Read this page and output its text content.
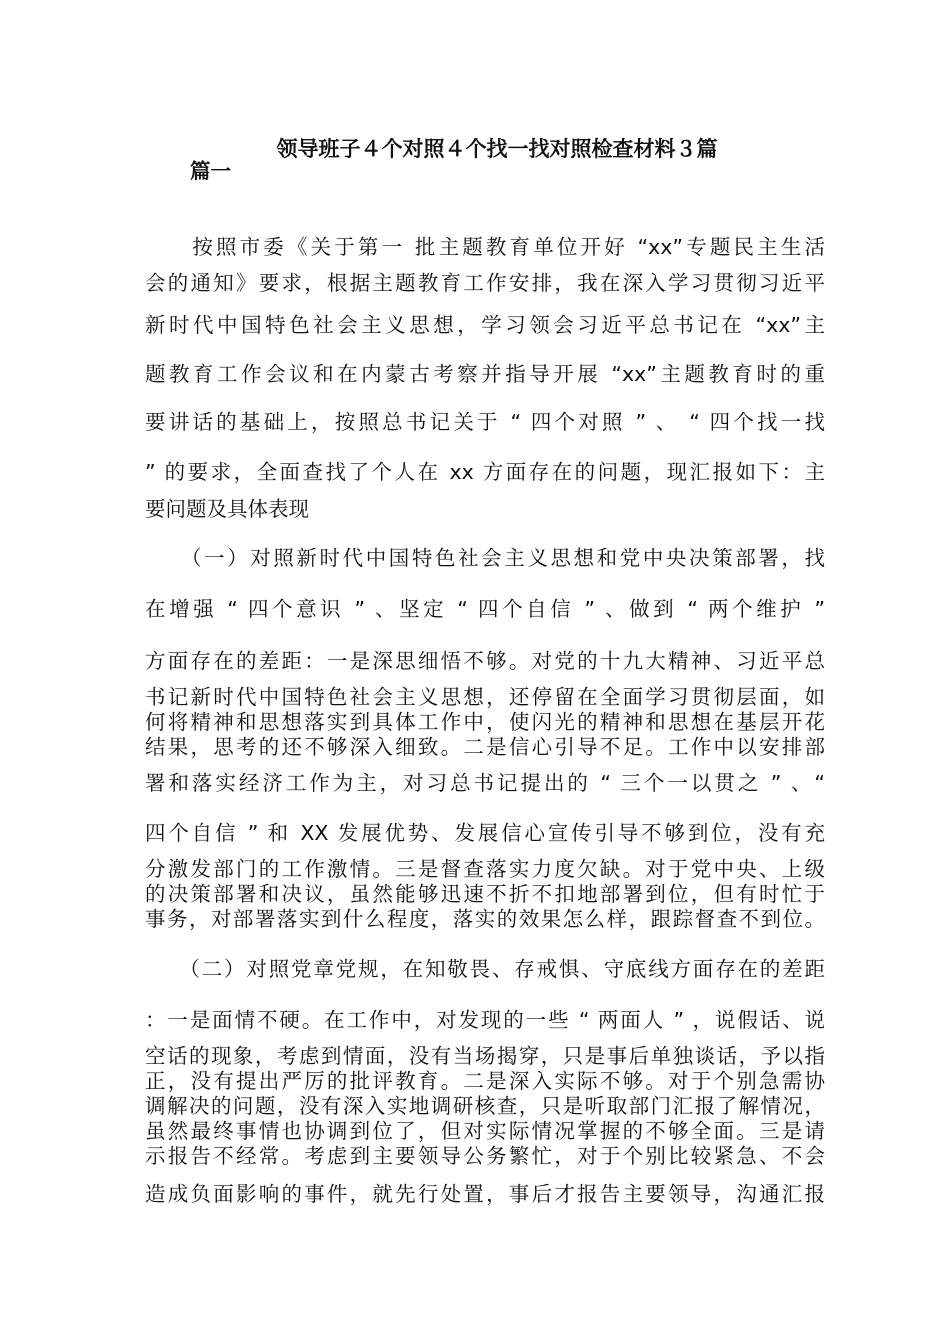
领导班子４个对照４个找一找对照检查材料３篇
篇一
　　按照市委《关于第一 批主题教育单位开好 “xx”专题民主生活
会的通知》要求，根据主题教育工作安排，我在深入学习贯彻习近平
新时代中国特色社会主义思想，学习领会习近平总书记在 “xx”主
题教育工作会议和在内蒙古考察并指导开展 “xx”主题教育时的重
要讲话的基础上，按照总书记关于 “ 四个对照 ” 、 “ 四个找一找
” 的要求，全面查找了个人在 xx 方面存在的问题，现汇报如下：主
要问题及具体表现
　　（一）对照新时代中国特色社会主义思想和党中央决策部署，找
在增强 “ 四个意识 ” 、坚定 “ 四个自信 ” 、做到 “ 两个维护 ”
方面存在的差距：一是深思细悟不够。对党的十九大精神、习近平总
书记新时代中国特色社会主义思想，还停留在全面学习贯彻层面，如
何将精神和思想落实到具体工作中，使闪光的精神和思想在基层开花
结果，思考的还不够深入细致。二是信心引导不足。工作中以安排部
署和落实经济工作为主，对习总书记提出的 “ 三个一以贯之 ” 、“
四个自信 ” 和 XX 发展优势、发展信心宣传引导不够到位，没有充
分激发部门的工作激情。三是督查落实力度欠缺。对于党中央、上级
的决策部署和决议，虽然能够迅速不折不扣地部署到位，但有时忙于
事务，对部署落实到什么程度，落实的效果怎么样，跟踪督查不到位。
　　（二）对照党章党规，在知敬畏、存戒惧、守底线方面存在的差距
：一是面情不硬。在工作中，对发现的一些 “ 两面人 ” ，说假话、说
空话的现象，考虑到情面，没有当场揭穿，只是事后单独谈话，予以指
正，没有提出严厉的批评教育。二是深入实际不够。对于个别急需协
调解决的问题，没有深入实地调研核查，只是听取部门汇报了解情况，
虽然最终事情也协调到位了，但对实际情况掌握的不够全面。三是请
示报告不经常。考虑到主要领导公务繁忙，对于个别比较紧急、不会
造成负面影响的事件，就先行处置，事后才报告主要领导，沟通汇报
